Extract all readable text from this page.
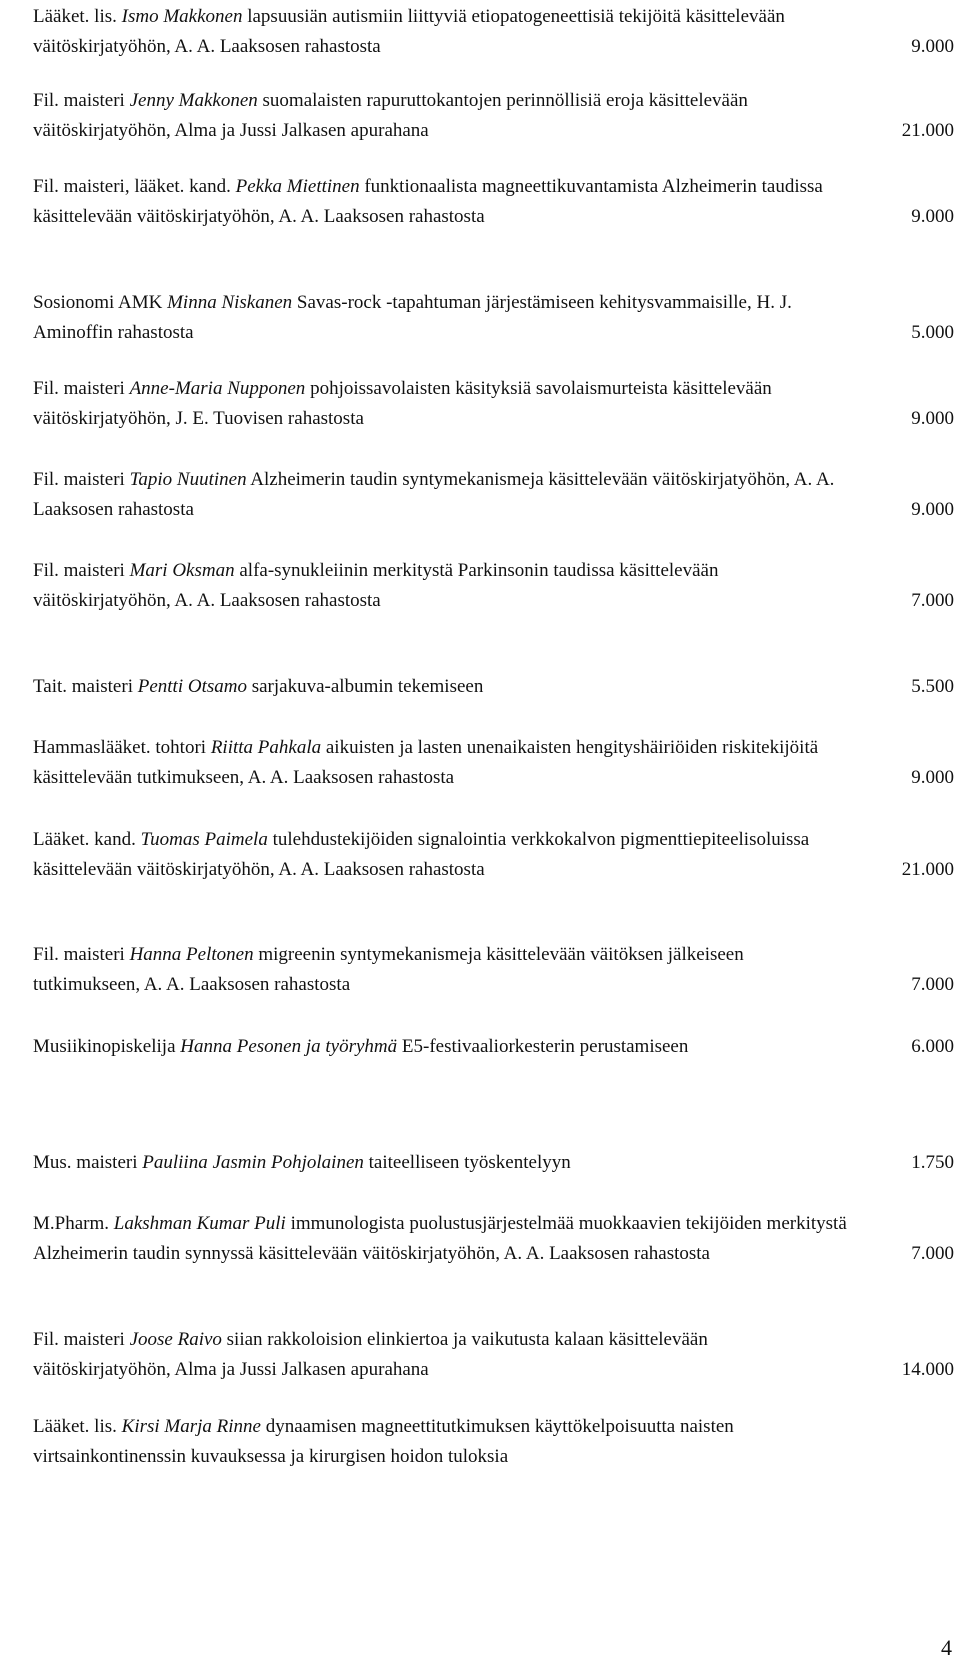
Lääket. lis. Ismo Makkonen lapsuusiän autismiin liittyviä etiopatogeneettisiä tekijöitä käsittelevään väitöskirjatyöhön, A. A. Laaksosen rahastosta	9.000
Fil. maisteri Jenny Makkonen suomalaisten rapuruttokantojen perinnöllisiä eroja käsittelevään väitöskirjatyöhön, Alma ja Jussi Jalkasen apurahana	21.000
Fil. maisteri, lääket. kand. Pekka Miettinen funktionaalista magneettikuvantamista Alzheimerin taudissa käsittelevään väitöskirjatyöhön, A. A. Laaksosen rahastosta	9.000
Sosionomi AMK Minna Niskanen Savas-rock -tapahtuman järjestämiseen kehitysvammaisille, H. J. Aminoffin rahastosta	5.000
Fil. maisteri Anne-Maria Nupponen pohjoissavolaisten käsityksiä savolaismurteista käsittelevään väitöskirjatyöhön, J. E. Tuovisen rahastosta	9.000
Fil. maisteri Tapio Nuutinen Alzheimerin taudin syntymekanismeja käsittelevään väitöskirjatyöhön, A. A. Laaksosen rahastosta	9.000
Fil. maisteri Mari Oksman alfa-synukleiinin merkitystä Parkinsonin taudissa käsittelevään väitöskirjatyöhön, A. A. Laaksosen rahastosta	7.000
Tait. maisteri Pentti Otsamo sarjakuva-albumin tekemiseen	5.500
Hammaslääket. tohtori Riitta Pahkala aikuisten ja lasten unenaikaisten hengityshäiriöiden riskitekijöitä käsittelevään tutkimukseen, A. A. Laaksosen rahastosta	9.000
Lääket. kand. Tuomas Paimela tulehdustekijöiden signalointia verkkokalvon pigmenttiepiteelisoluissa käsittelevään väitöskirjatyöhön, A. A. Laaksosen rahastosta	21.000
Fil. maisteri Hanna Peltonen migreenin syntymekanismeja käsittelevään väitöksen jälkeiseen tutkimukseen, A. A. Laaksosen rahastosta	7.000
Musiikinopiskelija Hanna Pesonen ja työryhmä E5-festivaaliorkesterin perustamiseen	6.000
Mus. maisteri Pauliina Jasmin Pohjolainen taiteelliseen työskentelyyn	1.750
M.Pharm. Lakshman Kumar Puli immunologista puolustusjärjestelmää muokkaavien tekijöiden merkitystä Alzheimerin taudin synnyssä käsittelevään väitöskirjatyöhön, A. A. Laaksosen rahastosta	7.000
Fil. maisteri Joose Raivo siian rakkoloision elinkiertoa ja vaikutusta kalaan käsittelevään väitöskirjatyöhön, Alma ja Jussi Jalkasen apurahana	14.000
Lääket. lis. Kirsi Marja Rinne dynaamisen magneettitutkimuksen käyttökelpoisuutta naisten virtsainkontinenssin kuvauksessa ja kirurgisen hoidon tuloksia
4
